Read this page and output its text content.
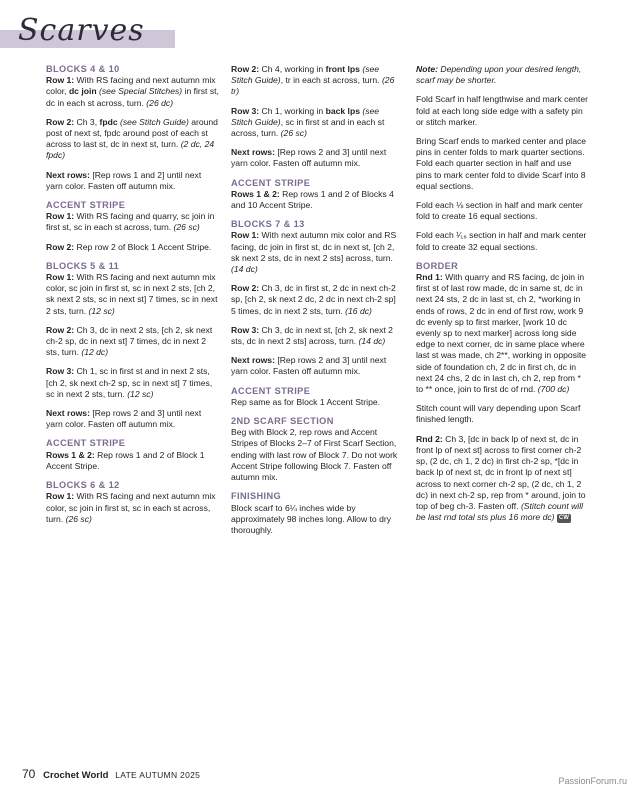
Scarves
BLOCKS 4 & 10
Row 1: With RS facing and next autumn mix color, dc join (see Special Stitches) in first st, dc in each st across, turn. (26 dc)
Row 2: Ch 3, fpdc (see Stitch Guide) around post of next st, fpdc around post of each st across to last st, dc in next st, turn. (2 dc, 24 fpdc)
Next rows: [Rep rows 1 and 2] until next yarn color. Fasten off autumn mix.
ACCENT STRIPE
Row 1: With RS facing and quarry, sc join in first st, sc in each st across, turn. (26 sc)
Row 2: Rep row 2 of Block 1 Accent Stripe.
BLOCKS 5 & 11
Row 1: With RS facing and next autumn mix color, sc join in first st, sc in next 2 sts, [ch 2, sk next 2 sts, sc in next st] 7 times, sc in next 2 sts, turn. (12 sc)
Row 2: Ch 3, dc in next 2 sts, [ch 2, sk next ch-2 sp, dc in next st] 7 times, dc in next 2 sts, turn. (12 dc)
Row 3: Ch 1, sc in first st and in next 2 sts, [ch 2, sk next ch-2 sp, sc in next st] 7 times, sc in next 2 sts, turn. (12 sc)
Next rows: [Rep rows 2 and 3] until next yarn color. Fasten off autumn mix.
ACCENT STRIPE
Rows 1 & 2: Rep rows 1 and 2 of Block 1 Accent Stripe.
BLOCKS 6 & 12
Row 1: With RS facing and next autumn mix color, sc join in first st, sc in each st across, turn. (26 sc)
Row 2: Ch 4, working in front lps (see Stitch Guide), tr in each st across, turn. (26 tr)
Row 3: Ch 1, working in back lps (see Stitch Guide), sc in first st and in each st across, turn. (26 sc)
Next rows: [Rep rows 2 and 3] until next yarn color. Fasten off autumn mix.
ACCENT STRIPE
Rows 1 & 2: Rep rows 1 and 2 of Blocks 4 and 10 Accent Stripe.
BLOCKS 7 & 13
Row 1: With next autumn mix color and RS facing, dc join in first st, dc in next st, [ch 2, sk next 2 sts, dc in next 2 sts] across, turn. (14 dc)
Row 2: Ch 3, dc in first st, 2 dc in next ch-2 sp, [ch 2, sk next 2 dc, 2 dc in next ch-2 sp] 5 times, dc in next 2 sts, turn. (16 dc)
Row 3: Ch 3, dc in next st, [ch 2, sk next 2 sts, dc in next 2 sts] across, turn. (14 dc)
Next rows: [Rep rows 2 and 3] until next yarn color. Fasten off autumn mix.
ACCENT STRIPE
Rep same as for Block 1 Accent Stripe.
2ND SCARF SECTION
Beg with Block 2, rep rows and Accent Stripes of Blocks 2–7 of First Scarf Section, ending with last row of Block 7. Do not work Accent Stripe following Block 7. Fasten off autumn mix.
FINISHING
Block scarf to 6¼ inches wide by approximately 98 inches long. Allow to dry thoroughly.
Note: Depending upon your desired length, scarf may be shorter.
Fold Scarf in half lengthwise and mark center fold at each long side edge with a safety pin or stitch marker.
Bring Scarf ends to marked center and place pins in center folds to mark quarter sections. Fold each quarter section in half and use pins to mark center fold to divide Scarf into 8 equal sections.
Fold each ⅛ section in half and mark center fold to create 16 equal sections.
Fold each ¹⁄₁₆ section in half and mark center fold to create 32 equal sections.
BORDER
Rnd 1: With quarry and RS facing, dc join in first st of last row made, dc in same st, dc in next 24 sts, 2 dc in last st, ch 2, *working in ends of rows, 2 dc in end of first row, work 9 dc evenly sp to first marker, [work 10 dc evenly sp to next marker] across long side edge to next corner, dc in same place where last st was made, ch 2**, working in opposite side of foundation ch, 2 dc in first ch, dc in next 24 chs, 2 dc in last ch, ch 2, rep from * to ** once, join to first dc of rnd. (700 dc)
Stitch count will vary depending upon Scarf finished length.
Rnd 2: Ch 3, [dc in back lp of next st, dc in front lp of next st] across to first corner ch-2 sp, (2 dc, ch 1, 2 dc) in first ch-2 sp, *[dc in back lp of next st, dc in front lp of next st] across to next corner ch-2 sp, (2 dc, ch 1, 2 dc) in next ch-2 sp, rep from * around, join to top of beg ch-3. Fasten off. (Stitch count will be last rnd total sts plus 16 more dc) CW
70 Crochet World LATE AUTUMN 2025
PassionForum.ru
